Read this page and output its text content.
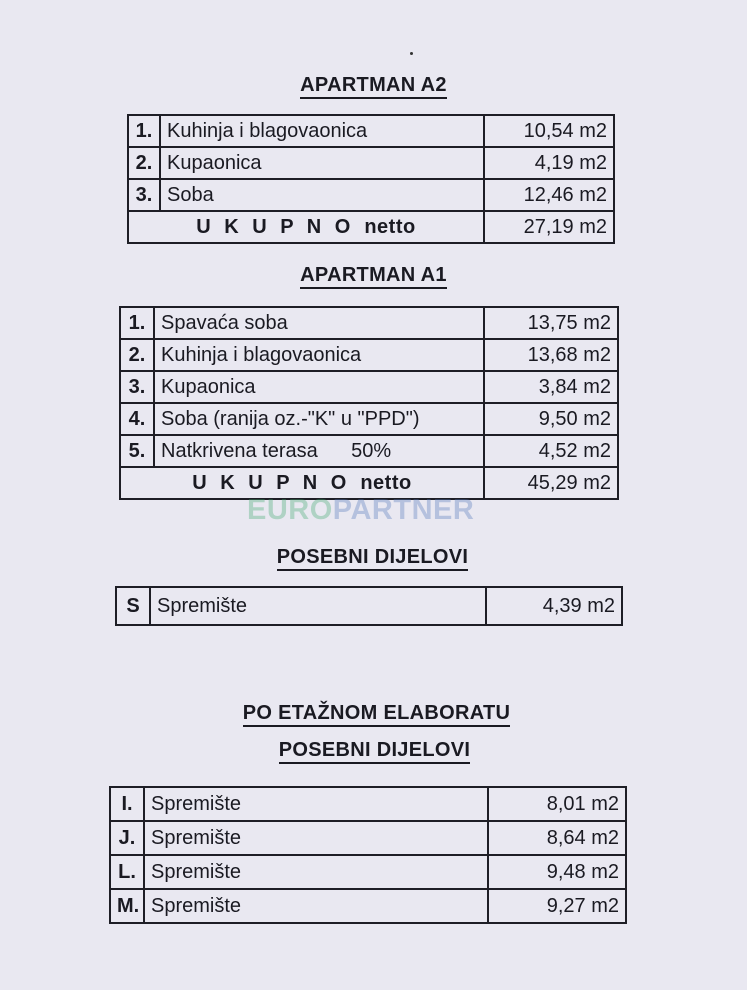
APARTMAN A2
1.	Kuhinja i blagovaonica	10,54 m2
2.	Kupaonica	4,19 m2
3.	Soba	12,46 m2
U K U P N O netto		27,19 m2
APARTMAN A1
1.	Spavaća soba	13,75 m2
2.	Kuhinja i blagovaonica	13,68 m2
3.	Kupaonica	3,84 m2
4.	Soba (ranija oz.-"K" u "PPD")	9,50 m2
5.	Natkrivena terasa      50%	4,52 m2
U K U P N O netto		45,29 m2
EUROPARTNER
POSEBNI DIJELOVI
S	Spremište	4,39 m2
PO ETAŽNOM ELABORATU
POSEBNI DIJELOVI
I.	Spremište	8,01 m2
J.	Spremište	8,64 m2
L.	Spremište	9,48 m2
M.	Spremište	9,27 m2
